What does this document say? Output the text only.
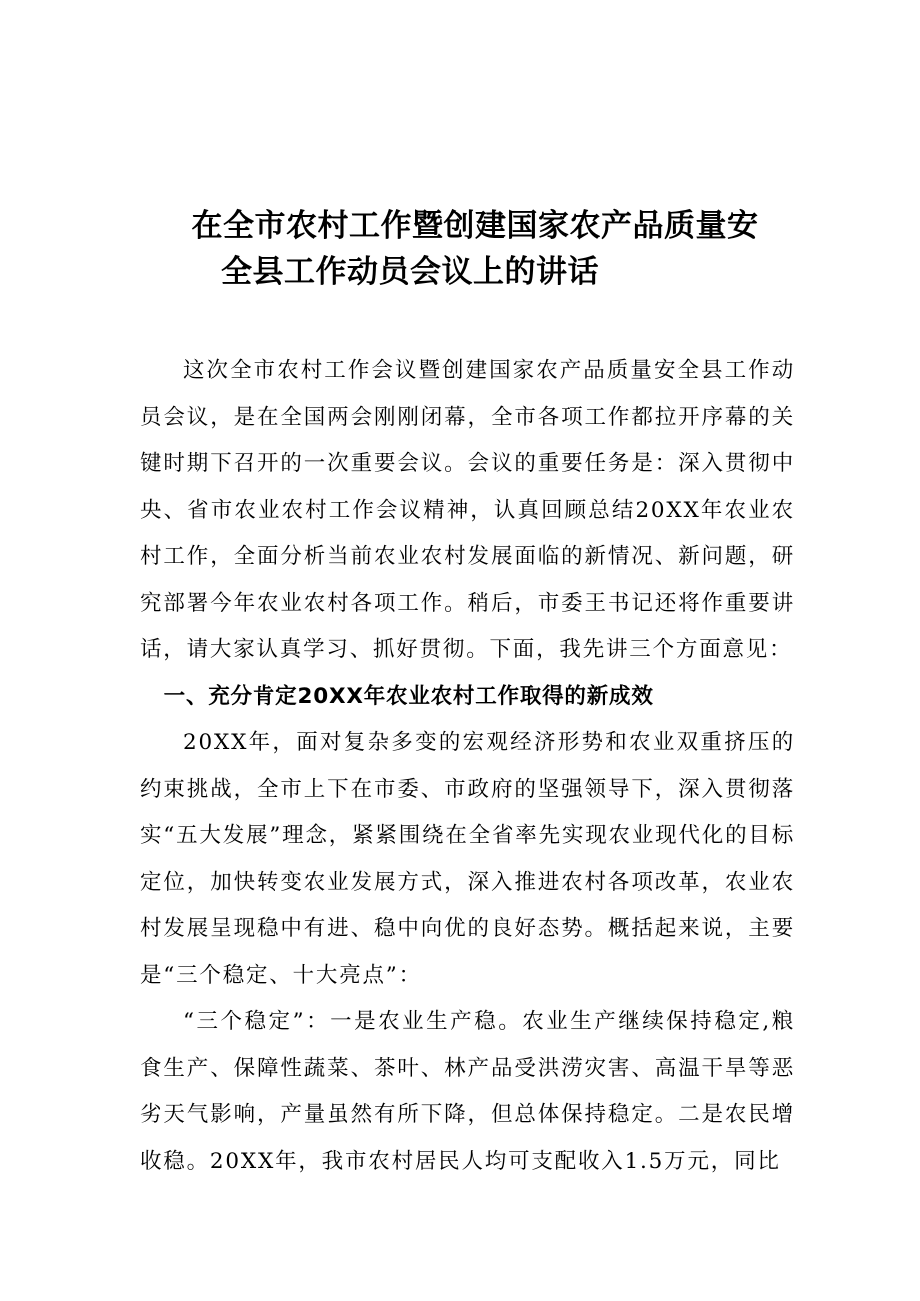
在全市农村工作暨创建国家农产品质量安
全县工作动员会议上的讲话

这次全市农村工作会议暨创建国家农产品质量安全县工作动员会议，是在全国两会刚刚闭幕，全市各项工作都拉开序幕的关键时期下召开的一次重要会议。会议的重要任务是：深入贯彻中央、省市农业农村工作会议精神，认真回顾总结20XX年农业农村工作，全面分析当前农业农村发展面临的新情况、新问题，研究部署今年农业农村各项工作。稍后，市委王书记还将作重要讲话，请大家认真学习、抓好贯彻。下面，我先讲三个方面意见：

一、充分肯定20XX年农业农村工作取得的新成效

20XX年，面对复杂多变的宏观经济形势和农业双重挤压的约束挑战，全市上下在市委、市政府的坚强领导下，深入贯彻落实“五大发展”理念，紧紧围绕在全省率先实现农业现代化的目标定位，加快转变农业发展方式，深入推进农村各项改革，农业农村发展呈现稳中有进、稳中向优的良好态势。概括起来说，主要是“三个稳定、十大亮点”：

“三个稳定”：一是农业生产稳。农业生产继续保持稳定,粮食生产、保障性蔬菜、茶叶、林产品受洪涝灾害、高温干旱等恶劣天气影响，产量虽然有所下降，但总体保持稳定。二是农民增收稳。20XX年，我市农村居民人均可支配收入1.5万元，同比
